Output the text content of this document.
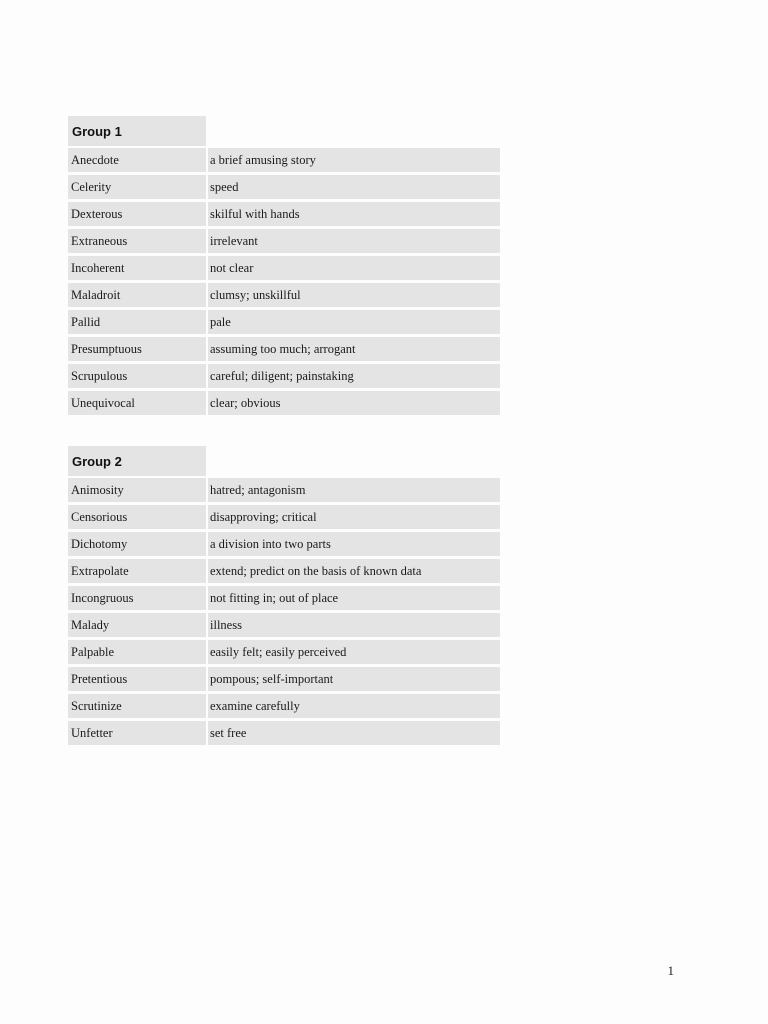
Group 1
Anecdote	a brief amusing story
Celerity	speed
Dexterous	skilful with hands
Extraneous	irrelevant
Incoherent	not clear
Maladroit	clumsy; unskillful
Pallid	pale
Presumptuous	assuming too much; arrogant
Scrupulous	careful; diligent; painstaking
Unequivocal	clear; obvious
Group 2
Animosity	hatred; antagonism
Censorious	disapproving; critical
Dichotomy	a division into two parts
Extrapolate	extend; predict on the basis of known data
Incongruous	not fitting in; out of place
Malady	illness
Palpable	easily felt; easily perceived
Pretentious	pompous; self-important
Scrutinize	examine carefully
Unfetter	set free
1
